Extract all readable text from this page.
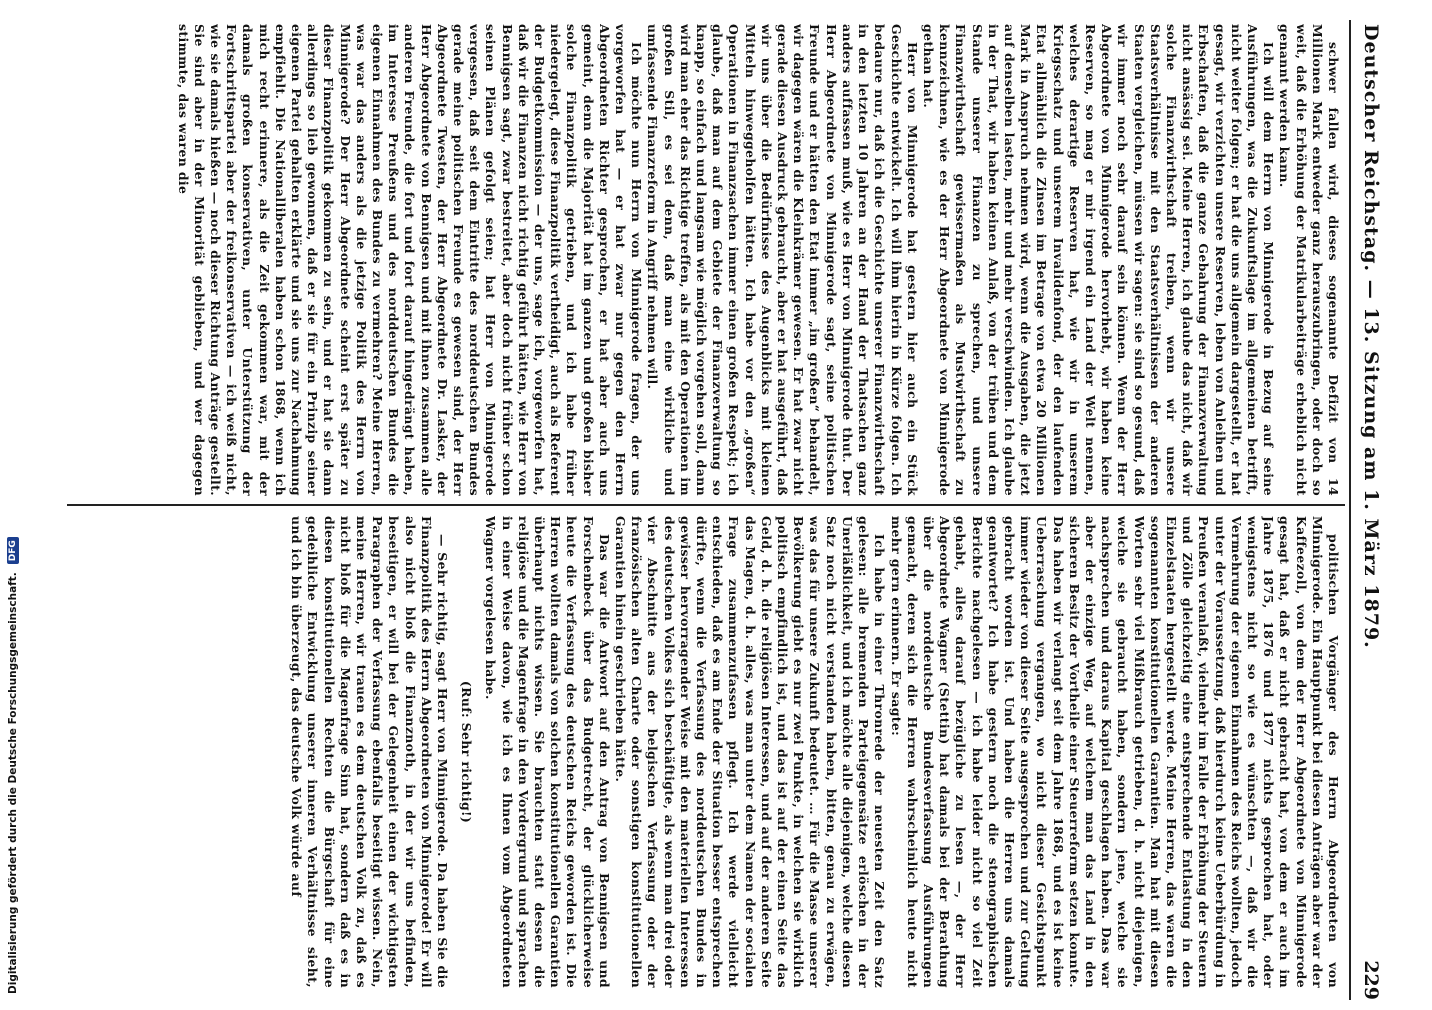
Deutscher Reichstag. — 13. Sitzung am 1. März 1879.
229

schwer fallen wird, dieses sogenannte Defizit von 14 Millionen Mark entweder ganz herauszubringen, oder doch so weit, daß die Erhöhung der Matrikularbeiträge erheblich nicht genannt werden kann.

Ich will dem Herrn von Minnigerode in Bezug auf seine Ausführungen, was die Zukunftslage im allgemeinen betrifft, nicht weiter folgen; er hat die uns allgemein dargestellt, er hat gesagt, wir verzichten unsere Reserven, leben von Anleihen und Erbschaften, daß die ganze Gebahrung der Finanzverwaltung nicht ansässig sei. Meine Herren, ich glaube das nicht, daß wir solche Finanzwirthschaft treiben, wenn wir unsere Staatsverhältnisse mit den Staatsverhältnissen der anderen Staaten vergleichen, müssen wir sagen: sie sind so gesund, daß wir immer noch sehr darauf sein können. Wenn der Herr Abgeordnete von Minnigerode hervorhebt, wir haben keine Reserven, so mag er mir irgend ein Land der Welt nennen, welches derartige Reserven hat, wie wir in unserem Kriegsschatz und unserem Invalidenfond, der den laufenden Etat allmählich die Zinsen im Betrage von etwa 20 Millionen Mark in Anspruch nehmen wird, wenn die Ausgaben, die jetzt auf denselben lasten, mehr und mehr verschwinden. Ich glaube in der That, wir haben keinen Anlaß, von der trüben und dem Stande unserer Finanzen zu sprechen, und unsere Finanzwirthschaft gewissermaßen als Mustwirthschaft zu kennzeichnen, wie es der Herr Abgeordnete von Minnigerode gethan hat.

Herr von Minnigerode hat gestern hier auch ein Stück Geschichte entwickelt. Ich will ihm hierin in Kürze folgen. Ich bedaure nur, daß ich die Geschichte unserer Finanzwirthschaft in den letzten 10 Jahren an der Hand der Thatsachen ganz anders auffassen muß, wie es Herr von Minnigerode thut. Der Herr Abgeordnete von Minnigerode sagt, seine politischen Freunde und er hätten den Etat immer „im großen“ behandelt, wir dagegen wären die Kleinkrämer gewesen. Er hat zwar nicht gerade diesen Ausdruck gebraucht, aber er hat ausgeführt, daß wir uns über die Bedürfnisse des Augenblicks mit kleinen Mitteln hinweggeholfen hätten. Ich habe vor den „großen“ Operationen in Finanzsachen immer einen großen Respekt; ich glaube, daß man auf dem Gebiete der Finanzverwaltung so knapp, so einfach und langsam wie möglich vorgehen soll, dann wird man eher das Richtige treffen, als mit den Operationen im großen Stil, es sei denn, daß man eine wirkliche und umfassende Finanzreform in Angriff nehmen will.

Ich möchte nun Herrn von Minnigerode fragen, der uns vorgeworfen hat — er hat zwar nur gegen den Herrn Abgeordneten Richter gesprochen, er hat aber auch uns gemeint, denn die Majorität hat im ganzen und großen bisher solche Finanzpolitik getrieben, und ich habe früher niedergelegt, diese Finanzpolitik vertheidigt, auch als Referent der Budgetkommission — der uns, sage ich, vorgeworfen hat, daß wir die Finanzen nicht richtig geführt hätten, wie Herr von Bennigsen sagt, zwar bestreitet, aber doch nicht früher schon seinen Plänen gefolgt seien; hat Herr von Minnigerode vergessen, daß seit dem Eintritte des norddeutschen Bundes gerade meine politischen Freunde es gewesen sind, der Herr Abgeordnete Twesten, der Herr Abgeordnete Dr. Lasker, der Herr Abgeordnete von Bennigsen und mit ihnen zusammen alle anderen Freunde, die fort und fort darauf hingedrängt haben, im Interesse Preußens und des norddeutschen Bundes die eigenen Einnahmen des Bundes zu vermehren? Meine Herren, was war das anders als die jetzige Politik des Herrn von Minnigerode? Der Herr Abgeordnete scheint erst später zu dieser Finanzpolitik gekommen zu sein, und er hat sie dann allerdings so lieb gewonnen, daß er sie für ein Prinzip seiner eigenen Partei gehalten erklärte und sie uns zur Nachahmung empfiehlt. Die Nationalliberalen haben schon 1868, wenn ich mich recht erinnere, als die Zeit gekommen war, mit der damals großen konservativen, unter Unterstützung der Fortschrittspartei aber der freikonservativen — ich weiß nicht, wie sie damals hießen — noch dieser Richtung Anträge gestellt. Sie sind aber in der Minorität geblieben, und wer dagegen stimmte, das waren die

politischen Vorgänger des Herrn Abgeordneten von Minnigerode. Ein Hauptpunkt bei diesen Anträgen aber war der Kaffeezoll, von dem der Herr Abgeordnete von Minnigerode gesagt hat, daß er nicht gebracht hat, von dem er auch im Jahre 1875, 1876 und 1877 nichts gesprochen hat, oder wenigstens nicht so wie es wünschten —, daß wir die Vermehrung der eigenen Einnahmen des Reichs wollten, jedoch unter der Voraussetzung, daß hierdurch keine Ueberbürdung in Preußen veranlaßt, vielmehr im Falle der Erhöhung der Steuern und Zölle gleichzeitig eine entsprechende Entlastung in den Einzelstaaten hergestellt werde. Meine Herren, das waren die sogenannten konstitutionellen Garantien. Man hat mit diesen Worten sehr viel Mißbrauch getrieben, d. h. nicht diejenigen, welche sie gebraucht haben, sondern jene, welche sie nachsprechen und daraus Kapital geschlagen haben. Das war aber der einzige Weg, auf welchem man das Land in den sicheren Besitz der Vortheile einer Steuerreform setzen konnte. Das haben wir verlangt seit dem Jahre 1868, und es ist keine Ueberraschung vergangen, wo nicht dieser Gesichtspunkt immer wieder von dieser Seite ausgesprochen und zur Geltung gebracht worden ist. Und haben die Herren uns damals geantwortet? Ich habe gestern noch die stenographischen Berichte nachgelesen — ich habe leider nicht so viel Zeit gehabt, alles darauf bezügliche zu lesen —, der Herr Abgeordnete Wagner (Stettin) hat damals bei der Berathung über die norddeutsche Bundesverfassung Ausführungen gemacht, deren sich die Herren wahrscheinlich heute nicht mehr gern erinnern. Er sagte:

Ich habe in einer Thronrede der neuesten Zeit den Satz gelesen: alle bremenden Parteigegensätze erlöschen in der Unerläßlichkeit, und ich möchte alle diejenigen, welche diesen Satz noch nicht verstanden haben, bitten, genau zu erwägen, was das für unsere Zukunft bedeutet. … Für die Masse unserer Bevölkerung giebt es nur zwei Punkte, in welchen sie wirklich politisch empfindlich ist, und das ist auf der einen Seite das Geld, d. h. die religiösen Interessen, und auf der anderen Seite das Magen, d. h. alles, was man unter dem Namen der socialen Frage zusammenzufassen pflegt. Ich werde vielleicht entschieden, daß es am Ende der Situation besser entsprechen dürfte, wenn die Verfassung des norddeutschen Bundes in gewisser hervorragender Weise mit den materiellen Interessen des deutschen Volkes sich beschäftigte, als wenn man drei oder vier Abschnitte aus der belgischen Verfassung oder der französischen alten Charte oder sonstigen konstitutionellen Garantien hinein geschrieben hätte.

Das war die Antwort auf den Antrag von Bennigsen und Forschenbeck über das Budgetrecht, der glücklicherweise heute die Verfassung des deutschen Reichs geworden ist. Die Herren wollten damals von solchen konstitutionellen Garantien überhaupt nichts wissen. Sie brauchten statt dessen die religiöse und die Magenfrage in den Vordergrund und sprachen in einer Weise davon, wie ich es Ihnen vom Abgeordneten Wagner vorgelesen habe.

(Ruf: Sehr richtig!)

— Sehr richtig, sagt Herr von Minnigerode. Da haben Sie die Finanzpolitik des Herrn Abgeordneten von Minnigerode! Er will also nicht bloß die Finanznoth, in der wir uns befinden, beseitigen, er will bei der Gelegenheit einen der wichtigsten Paragraphen der Verfassung ebenfalls beseitigt wissen. Nein, meine Herren, wir trauen es dem deutschen Volk zu, daß es nicht bloß für die Magenfrage Sinn hat, sondern daß es in diesen konstitutionellen Rechten die Bürgschaft für eine gedeihliche Entwicklung unserer inneren Verhältnisse sieht, und ich bin überzeugt, das deutsche Volk würde auf

Digitalisierung gefördert durch die Deutsche Forschungsgemeinschaft.
DFG
